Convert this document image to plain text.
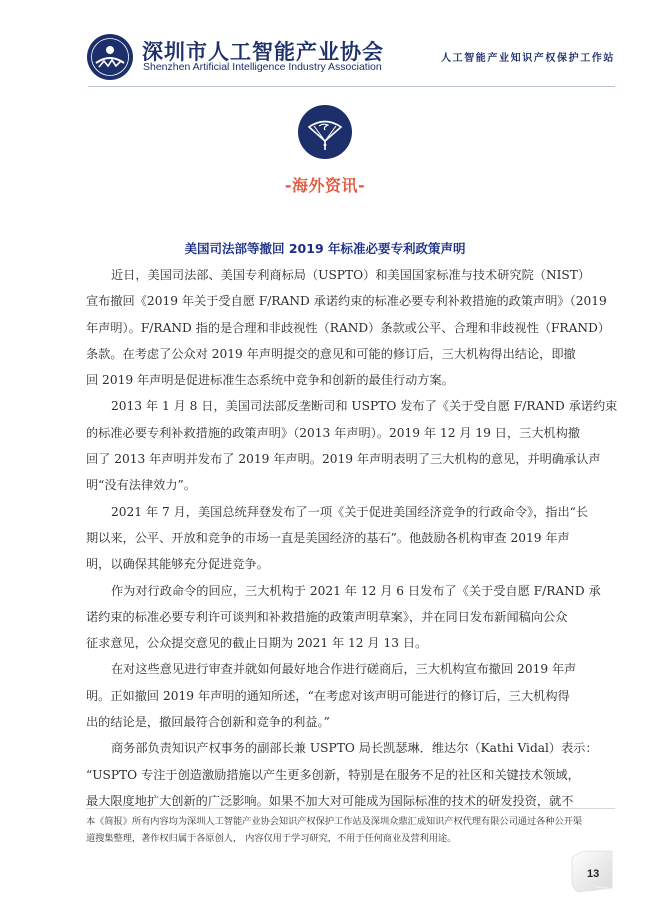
深圳市人工智能产业协会
Shenzhen Artificial Intelligence Industry Association
人工智能产业知识产权保护工作站
-海外资讯-
美国司法部等撤回 2019 年标准必要专利政策声明
近日，美国司法部、美国专利商标局（USPTO）和美国国家标准与技术研究院（NIST）
宣布撤回《2019 年关于受自愿 F/RAND 承诺约束的标准必要专利补救措施的政策声明》（2019
年声明）。F/RAND 指的是合理和非歧视性（RAND）条款或公平、合理和非歧视性（FRAND）
条款。在考虑了公众对 2019 年声明提交的意见和可能的修订后，三大机构得出结论，即撤
回 2019 年声明是促进标准生态系统中竞争和创新的最佳行动方案。
2013 年 1 月 8 日，美国司法部反垄断司和 USPTO 发布了《关于受自愿 F/RAND 承诺约束
的标准必要专利补救措施的政策声明》（2013 年声明）。2019 年 12 月 19 日，三大机构撤
回了 2013 年声明并发布了 2019 年声明。2019 年声明表明了三大机构的意见，并明确承认声
明“没有法律效力”。
2021 年 7 月，美国总统拜登发布了一项《关于促进美国经济竞争的行政命令》，指出“长
期以来，公平、开放和竞争的市场一直是美国经济的基石”。他鼓励各机构审查 2019 年声
明，以确保其能够充分促进竞争。
作为对行政命令的回应，三大机构于 2021 年 12 月 6 日发布了《关于受自愿 F/RAND 承
诺约束的标准必要专利许可谈判和补救措施的政策声明草案》，并在同日发布新闻稿向公众
征求意见，公众提交意见的截止日期为 2021 年 12 月 13 日。
在对这些意见进行审查并就如何最好地合作进行磋商后，三大机构宣布撤回 2019 年声
明。正如撤回 2019 年声明的通知所述，“在考虑对该声明可能进行的修订后，三大机构得
出的结论是，撤回最符合创新和竞争的利益。”
商务部负责知识产权事务的副部长兼 USPTO 局长凯瑟琳．维达尔（Kathi Vidal）表示：
“USPTO 专注于创造激励措施以产生更多创新，特别是在服务不足的社区和关键技术领域，
最大限度地扩大创新的广泛影响。如果不加大对可能成为国际标准的技术的研发投资，就不
本《简报》所有内容均为深圳人工智能产业协会知识产权保护工作站及深圳众鼎汇成知识产权代理有限公司通过各种公开渠
道搜集整理，著作权归属于各原创人， 内容仅用于学习研究，不用于任何商业及营利用途。
13
